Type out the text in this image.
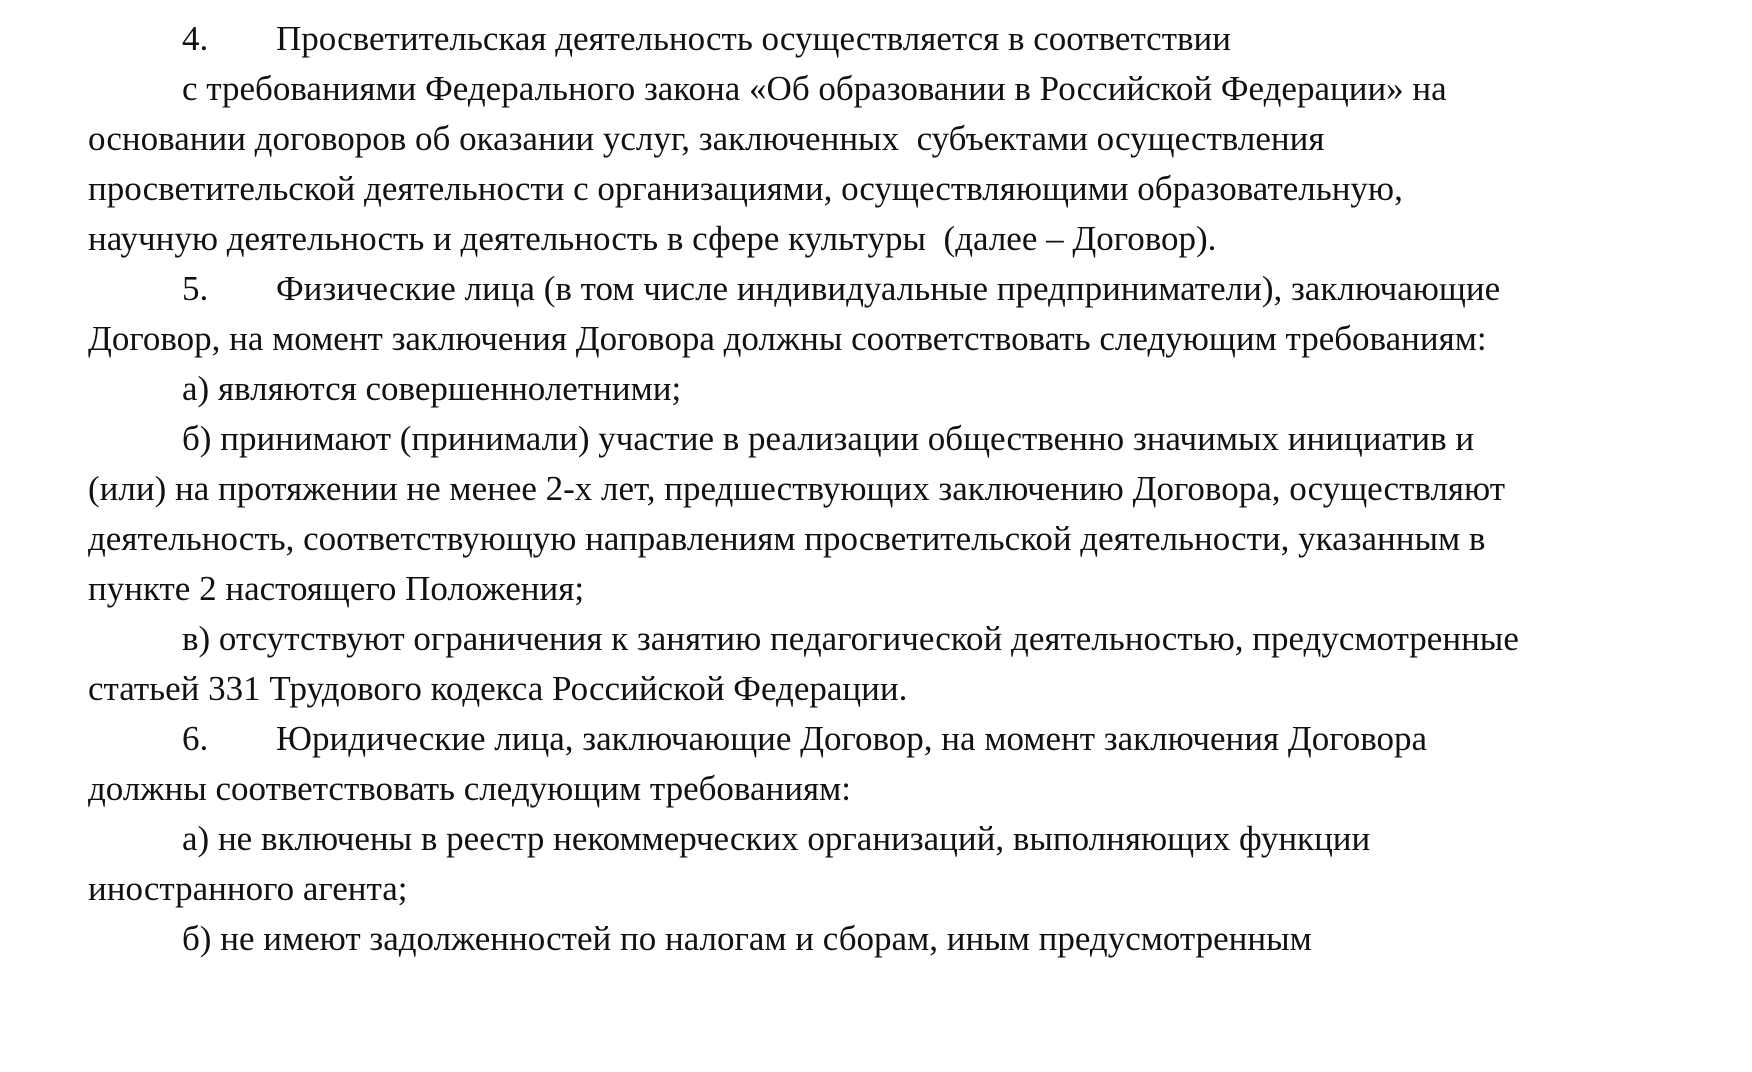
4. Просветительская деятельность осуществляется в соответствии
с требованиями Федерального закона «Об образовании в Российской Федерации» на
основании договоров об оказании услуг, заключенных  субъектами осуществления
просветительской деятельности с организациями, осуществляющими образовательную,
научную деятельность и деятельность в сфере культуры  (далее – Договор).
5. Физические лица (в том числе индивидуальные предприниматели), заключающие
Договор, на момент заключения Договора должны соответствовать следующим требованиям:
а) являются совершеннолетними;
б) принимают (принимали) участие в реализации общественно значимых инициатив и
(или) на протяжении не менее 2-х лет, предшествующих заключению Договора, осуществляют
деятельность, соответствующую направлениям просветительской деятельности, указанным в
пункте 2 настоящего Положения;
в) отсутствуют ограничения к занятию педагогической деятельностью, предусмотренные
статьей 331 Трудового кодекса Российской Федерации.
6. Юридические лица, заключающие Договор, на момент заключения Договора
должны соответствовать следующим требованиям:
а) не включены в реестр некоммерческих организаций, выполняющих функции
иностранного агента;
б) не имеют задолженностей по налогам и сборам, иным предусмотренным
